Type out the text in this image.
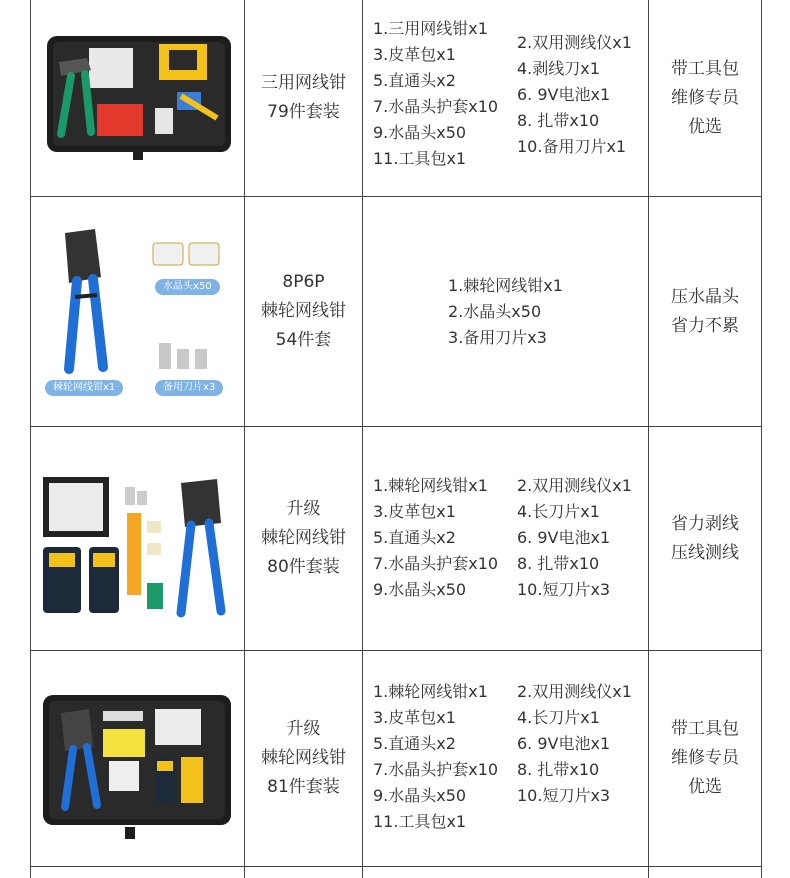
三用网线钳
79件套装
1.三用网线钳x1
3.皮革包x1
5.直通头x2
7.水晶头护套x10
9.水晶头x50
11.工具包x1
2.双用测线仪x1
4.剥线刀x1
6. 9V电池x1
8. 扎带x10
10.备用刀片x1
带工具包
维修专员
优选
水晶头x50
棘轮网线钳x1	备用刀片x3
8P6P
棘轮网线钳
54件套
1.棘轮网线钳x1
2.水晶头x50
3.备用刀片x3
压水晶头
省力不累
升级
棘轮网线钳
80件套装
1.棘轮网线钳x1
3.皮革包x1
5.直通头x2
7.水晶头护套x10
9.水晶头x50
2.双用测线仪x1
4.长刀片x1
6. 9V电池x1
8. 扎带x10
10.短刀片x3
省力剥线
压线测线
升级
棘轮网线钳
81件套装
1.棘轮网线钳x1
3.皮革包x1
5.直通头x2
7.水晶头护套x10
9.水晶头x50
11.工具包x1
2.双用测线仪x1
4.长刀片x1
6. 9V电池x1
8. 扎带x10
10.短刀片x3
带工具包
维修专员
优选
